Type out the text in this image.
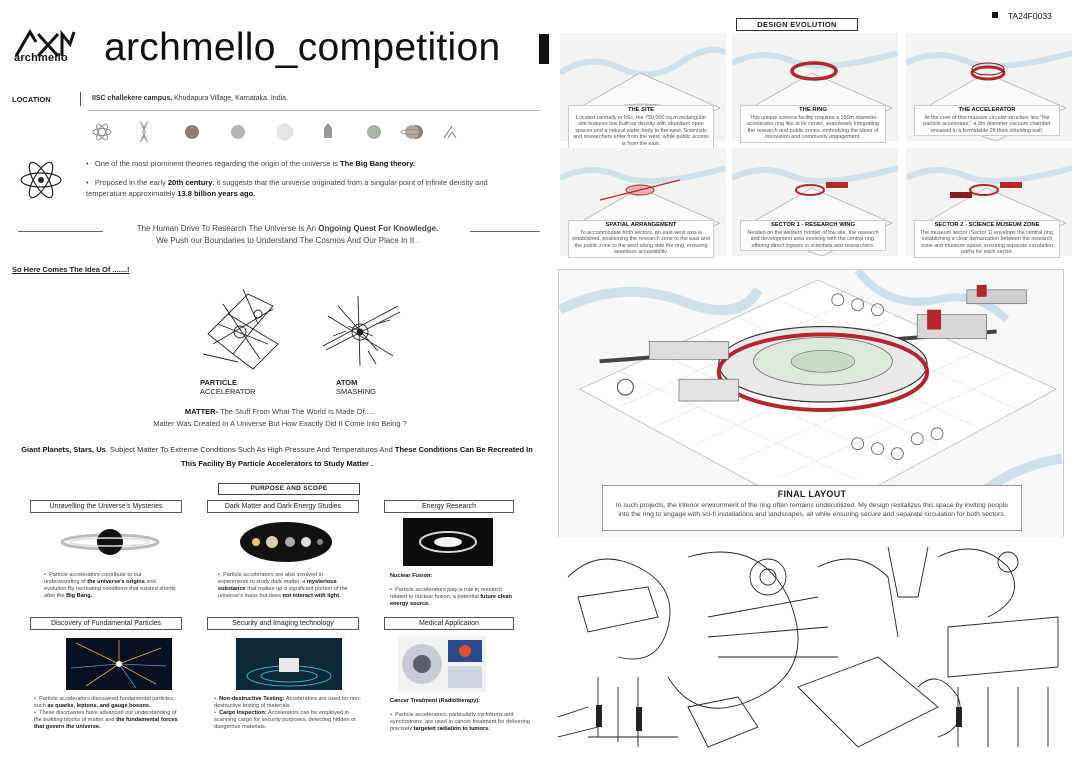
archmello archmello_competition
LOCATION	IISC challekere campus, Khudapura Village, Karnataka, India.
•   One of the most prominent theories regarding the origin of the universe is The Big Bang theory.
•   Proposed in the early 20th century, it suggests that the universe originated from a singular point of infinite density and temperature approximately 13.8 billion years ago.
The Human Drive To Research The Universe Is An Ongoing Quest For Knowledge.
We Push our Boundaries to Understand The Cosmos And Our Place In It .
So Here Comes The Idea Of .......!
PARTICLE
ACCELERATOR
ATOM
SMASHING
MATTER- The Stuff From What The World Is Made Of.....
Matter Was Created In A Universe But How Exactly Did It Come Into Being ?
Giant Planets, Stars, Us, Subject Matter To Extreme Conditions Such As High Pressure And Temperatures And These Conditions Can Be Recreated In This Facility By Particle Accelerators to Study Matter .
PURPOSE AND SCOPE
Unravelling the Universe's Mysteries	Dark Matter and Dark Energy Studies	Energy Research
•  Particle accelerators contribute to our understanding of the universe's origins and evolution By recreating conditions that existed shortly after the Big Bang.
•  Particle accelerators are also involved in experiments to study dark matter, a mysterious substance that makes up a significant portion of the universe's mass but does not interact with light.
Nuclear Fusion:

•  Particle accelerators play a role in research related to nuclear fusion, a potential future clean energy source.
Discovery of Fundamental Particles	Security and Imaging technology	Medical Application
•  Particle accelerators discovered fundamental particles, such as quarks, leptons, and gauge bosons.
•  These discoveries have advanced our understanding of the building blocks of matter and the fundamental forces that govern the universe.
•  Non-destructive Testing: Accelerators are used for non-destructive testing of materials.
•  Cargo Inspection: Accelerators can be employed in scanning cargo for security purposes, detecting hidden or dangerous materials.
Cancer Treatment (Radiotherapy):

•  Particle accelerators, particularly cyclotrons and synchrotrons, are used in cancer treatment for delivering precisely targeted radiation to tumors.
TA24F0033
DESIGN EVOLUTION
THE SITE
Located centrally in IISc, the 750,000 sq.m rectangular site features low built-up density with abundant open spaces and a natural water body to the west. Scientists and researchers enter from the west, while public access is from the east.
THE RING
This unique science facility requires a 150m diameter accelerator ring like at its center, seamlessly integrating the research and public zones, embodying the ideas of innovation and community engagement.
THE ACCELERATOR
At the core of this massive circular structure lies "the particle accelerator," a 3m diameter vacuum chamber encased in a formidable 2ft thick shielding wall.
SPATIAL ARRANGEMENT
To accommodate both sectors, an east-west axis is established, positioning the research zone to the east and the public zone to the west along side the ring, ensuring seamless accessibility.
SECTOR 1 - RESEARCH WING
Nestled on the western frontier of the site, the research and development area evolving with the central ring, offering direct ingress to scientists and researchers.
SECTOR 2 - SCIENCE MUSEUM ZONE
The museum sector (Sector 1) envelops the central ring, establishing a clear demarcation between the research zone and museum space, ensuring separate circulation paths for each sector.
FINAL LAYOUT
In such projects, the interior environment of the ring often remains underutilized. My design revitalizes this space by inviting people into the ring to engage with sci-fi installations and landscapes, all while ensuring secure and separate circulation for both sectors.
